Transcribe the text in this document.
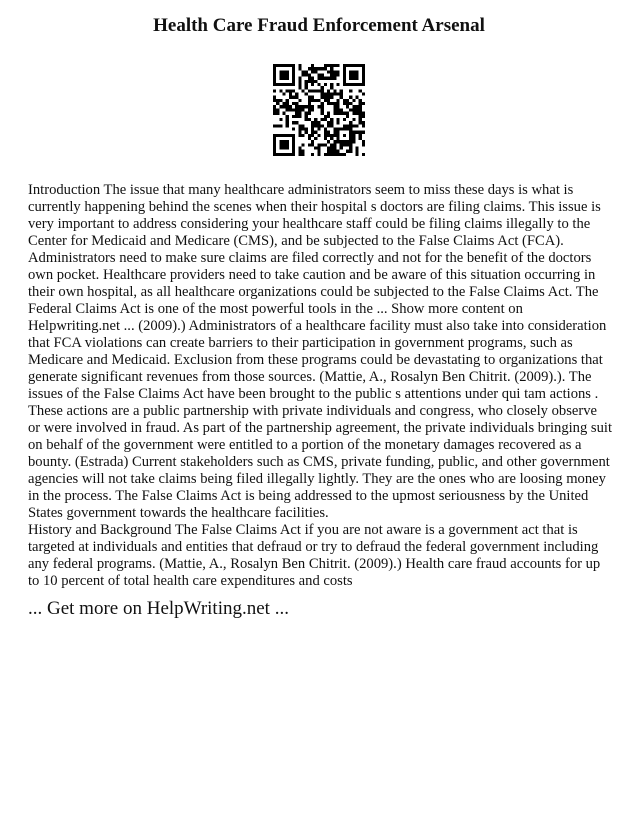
Health Care Fraud Enforcement Arsenal

Introduction The issue that many healthcare administrators seem to miss these days is what is currently happening behind the scenes when their hospital s doctors are filing claims. This issue is very important to address considering your healthcare staff could be filing claims illegally to the Center for Medicaid and Medicare (CMS), and be subjected to the False Claims Act (FCA). Administrators need to make sure claims are filed correctly and not for the benefit of the doctors own pocket. Healthcare providers need to take caution and be aware of this situation occurring in their own hospital, as all healthcare organizations could be subjected to the False Claims Act. The Federal Claims Act is one of the most powerful tools in the ... Show more content on Helpwriting.net ... (2009).) Administrators of a healthcare facility must also take into consideration that FCA violations can create barriers to their participation in government programs, such as Medicare and Medicaid. Exclusion from these programs could be devastating to organizations that generate significant revenues from those sources. (Mattie, A., Rosalyn Ben Chitrit. (2009).). The issues of the False Claims Act have been brought to the public s attentions under qui tam actions . These actions are a public partnership with private individuals and congress, who closely observe or were involved in fraud. As part of the partnership agreement, the private individuals bringing suit on behalf of the government were entitled to a portion of the monetary damages recovered as a bounty. (Estrada) Current stakeholders such as CMS, private funding, public, and other government agencies will not take claims being filed illegally lightly. They are the ones who are loosing money in the process. The False Claims Act is being addressed to the upmost seriousness by the United States government towards the healthcare facilities.

History and Background The False Claims Act if you are not aware is a government act that is targeted at individuals and entities that defraud or try to defraud the federal government including any federal programs. (Mattie, A., Rosalyn Ben Chitrit. (2009).) Health care fraud accounts for up to 10 percent of total health care expenditures and costs

... Get more on HelpWriting.net ...
